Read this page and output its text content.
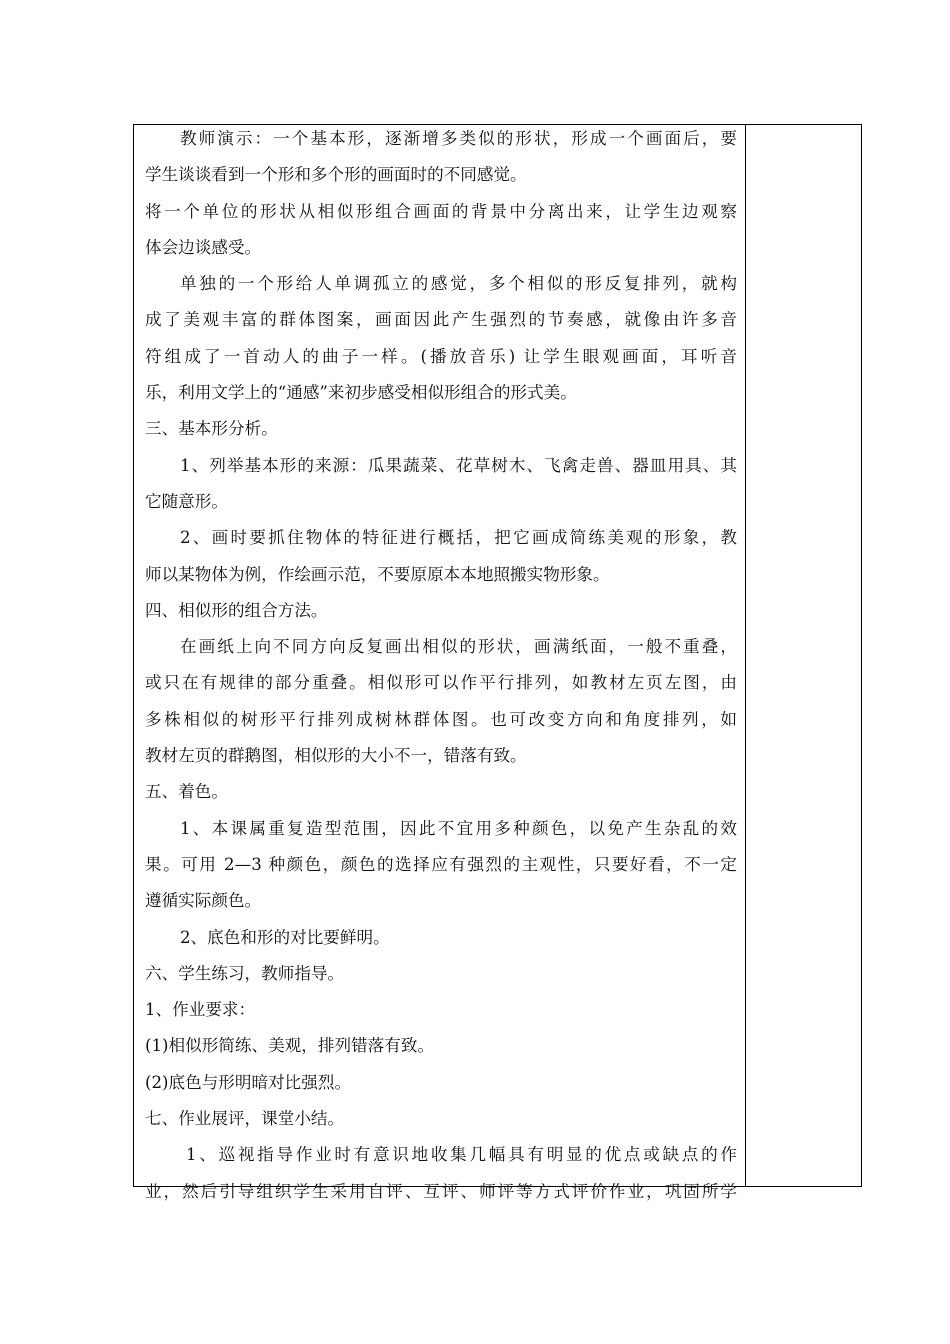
教师演示：一个基本形，逐渐增多类似的形状，形成一个画面后，要
学生谈谈看到一个形和多个形的画面时的不同感觉。
将一个单位的形状从相似形组合画面的背景中分离出来，让学生边观察
体会边谈感受。
单独的一个形给人单调孤立的感觉，多个相似的形反复排列，就构
成了美观丰富的群体图案，画面因此产生强烈的节奏感，就像由许多音
符组成了一首动人的曲子一样。(播放音乐) 让学生眼观画面，耳听音
乐，利用文学上的“通感”来初步感受相似形组合的形式美。
三、基本形分析。
1、列举基本形的来源：瓜果蔬菜、花草树木、飞禽走兽、器皿用具、其
它随意形。
2、画时要抓住物体的特征进行概括，把它画成简练美观的形象，教
师以某物体为例，作绘画示范，不要原原本本地照搬实物形象。
四、相似形的组合方法。
在画纸上向不同方向反复画出相似的形状，画满纸面，一般不重叠，
或只在有规律的部分重叠。相似形可以作平行排列，如教材左页左图，由
多株相似的树形平行排列成树林群体图。也可改变方向和角度排列，如
教材左页的群鹅图，相似形的大小不一，错落有致。
五、着色。
1、本课属重复造型范围，因此不宜用多种颜色，以免产生杂乱的效
果。可用 2—3 种颜色，颜色的选择应有强烈的主观性，只要好看，不一定
遵循实际颜色。
2、底色和形的对比要鲜明。
六、学生练习，教师指导。
1、作业要求：
(1)相似形简练、美观，排列错落有致。
(2)底色与形明暗对比强烈。
七、作业展评，课堂小结。
1、巡视指导作业时有意识地收集几幅具有明显的优点或缺点的作
业，然后引导组织学生采用自评、互评、师评等方式评价作业，巩固所学
